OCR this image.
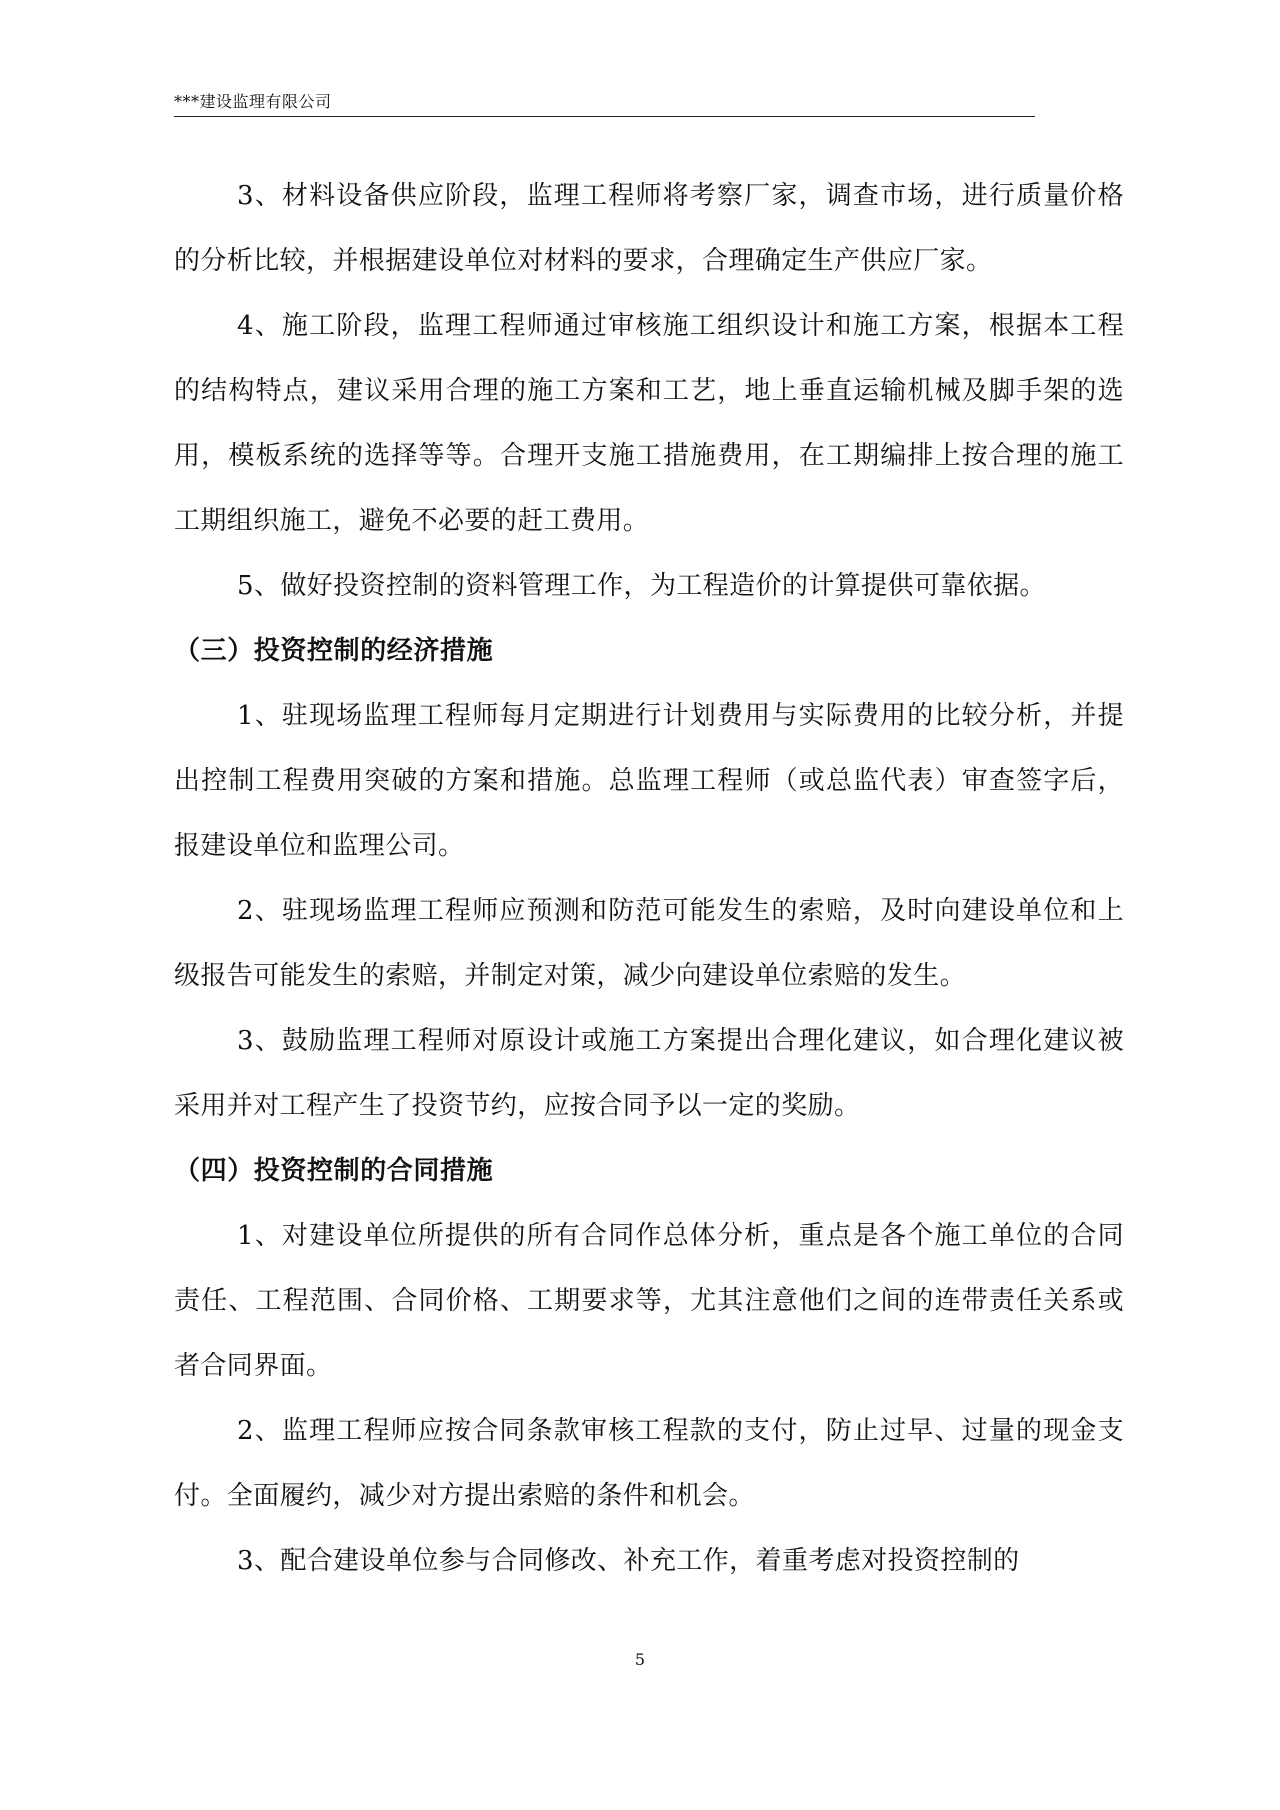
***建设监理有限公司

3、材料设备供应阶段，监理工程师将考察厂家，调查市场，进行质量价格的分析比较，并根据建设单位对材料的要求，合理确定生产供应厂家。

4、施工阶段，监理工程师通过审核施工组织设计和施工方案，根据本工程的结构特点，建议采用合理的施工方案和工艺，地上垂直运输机械及脚手架的选用，模板系统的选择等等。合理开支施工措施费用，在工期编排上按合理的施工工期组织施工，避免不必要的赶工费用。

5、做好投资控制的资料管理工作，为工程造价的计算提供可靠依据。

（三）投资控制的经济措施

1、驻现场监理工程师每月定期进行计划费用与实际费用的比较分析，并提出控制工程费用突破的方案和措施。总监理工程师（或总监代表）审查签字后，报建设单位和监理公司。

2、驻现场监理工程师应预测和防范可能发生的索赔，及时向建设单位和上级报告可能发生的索赔，并制定对策，减少向建设单位索赔的发生。

3、鼓励监理工程师对原设计或施工方案提出合理化建议，如合理化建议被采用并对工程产生了投资节约，应按合同予以一定的奖励。

（四）投资控制的合同措施

1、对建设单位所提供的所有合同作总体分析，重点是各个施工单位的合同责任、工程范围、合同价格、工期要求等，尤其注意他们之间的连带责任关系或者合同界面。

2、监理工程师应按合同条款审核工程款的支付，防止过早、过量的现金支付。全面履约，减少对方提出索赔的条件和机会。

3、配合建设单位参与合同修改、补充工作，着重考虑对投资控制的

5
